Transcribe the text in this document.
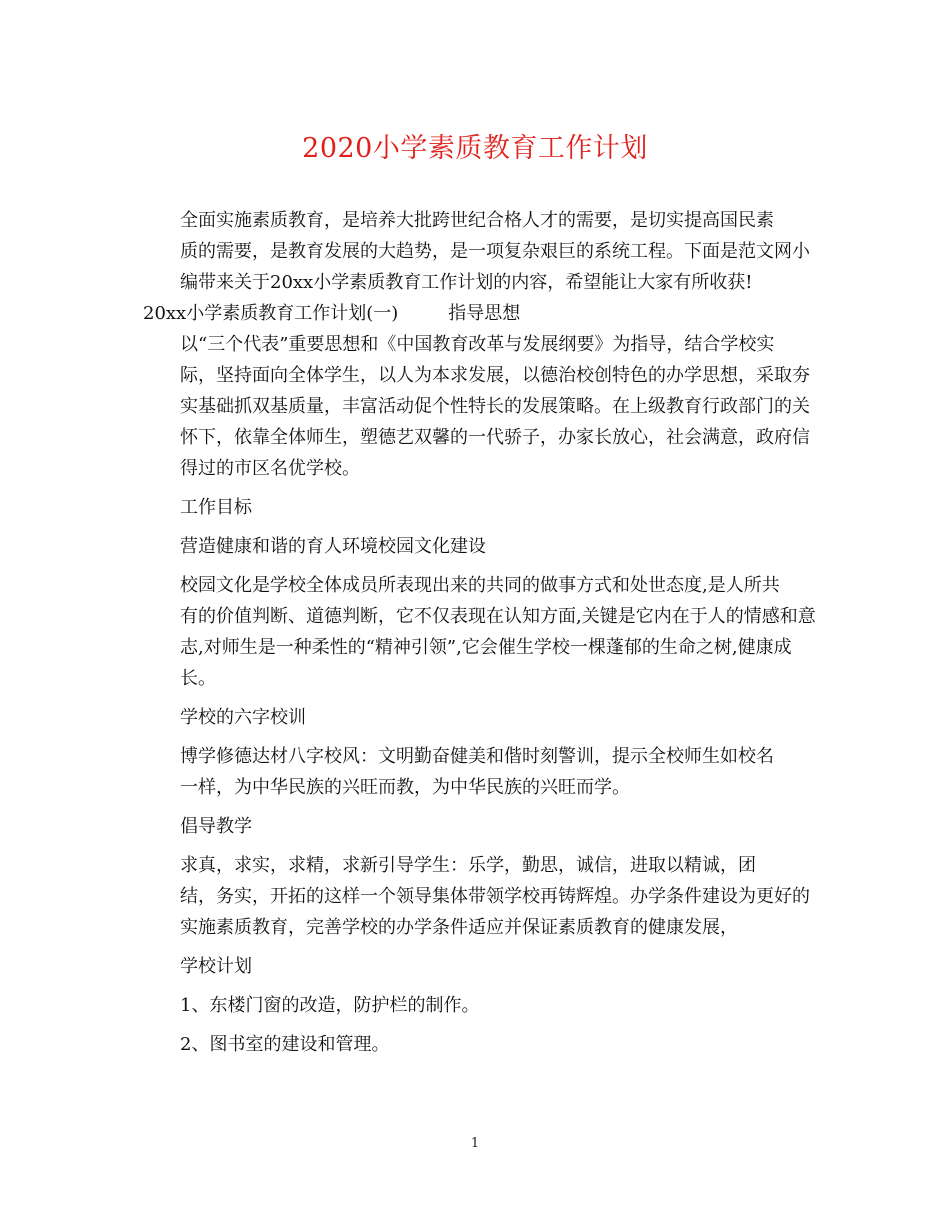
2020小学素质教育工作计划

全面实施素质教育，是培养大批跨世纪合格人才的需要，是切实提高国民素
质的需要，是教育发展的大趋势，是一项复杂艰巨的系统工程。下面是范文网小
编带来关于20xx小学素质教育工作计划的内容，希望能让大家有所收获!

20xx小学素质教育工作计划(一)	指导思想

以“三个代表”重要思想和《中国教育改革与发展纲要》为指导，结合学校实
际，坚持面向全体学生，以人为本求发展，以德治校创特色的办学思想，采取夯
实基础抓双基质量，丰富活动促个性特长的发展策略。在上级教育行政部门的关
怀下，依靠全体师生，塑德艺双馨的一代骄子，办家长放心，社会满意，政府信
得过的市区名优学校。

工作目标

营造健康和谐的育人环境校园文化建设

校园文化是学校全体成员所表现出来的共同的做事方式和处世态度,是人所共
有的价值判断、道德判断，它不仅表现在认知方面,关键是它内在于人的情感和意
志,对师生是一种柔性的“精神引领”,它会催生学校一棵蓬郁的生命之树,健康成
长。

学校的六字校训

博学修德达材八字校风：文明勤奋健美和偕时刻警训，提示全校师生如校名
一样，为中华民族的兴旺而教，为中华民族的兴旺而学。

倡导教学

求真，求实，求精，求新引导学生：乐学，勤思，诚信，进取以精诚，团
结，务实，开拓的这样一个领导集体带领学校再铸辉煌。办学条件建设为更好的
实施素质教育，完善学校的办学条件适应并保证素质教育的健康发展，

学校计划

1、东楼门窗的改造，防护栏的制作。

2、图书室的建设和管理。

1
